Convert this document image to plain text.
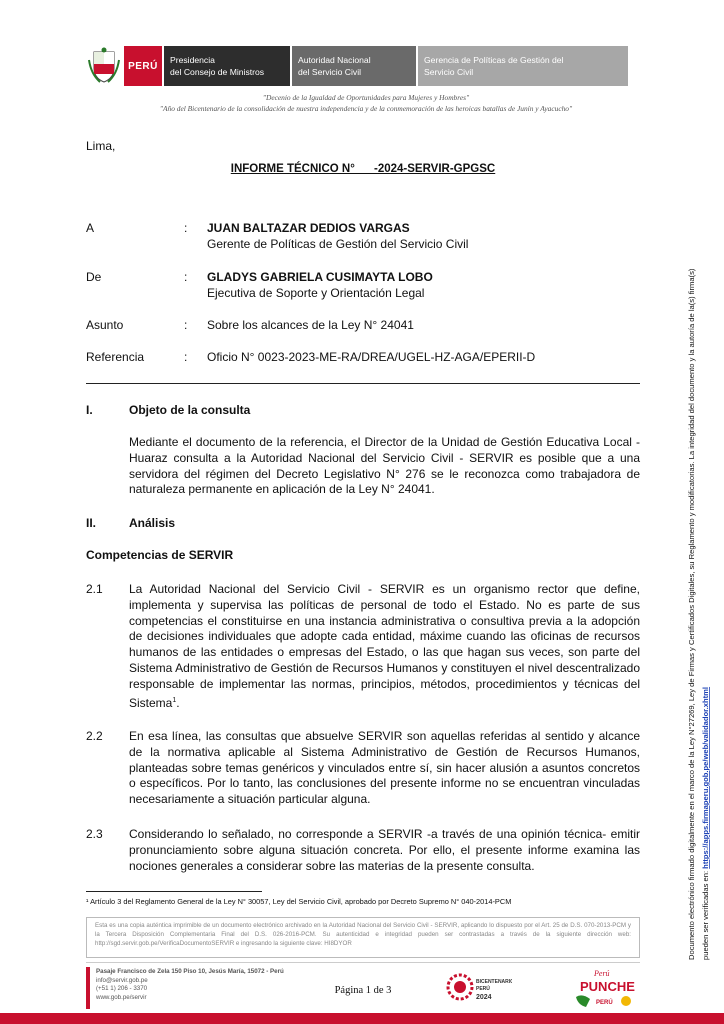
PERÚ
Presidencia
del Consejo de Ministros
Autoridad Nacional
del Servicio Civil
Gerencia de Políticas de Gestión del
Servicio Civil
"Decenio de la Igualdad de Oportunidades para Mujeres y Hombres"
"Año del Bicentenario de la consolidación de nuestra independencia y de la conmemoración de las heroicas batallas de Junín y Ayacucho"
Lima,
INFORME TÉCNICO N°      -2024-SERVIR-GPGSC
A	: JUAN BALTAZAR DEDIOS VARGAS
Gerente de Políticas de Gestión del Servicio Civil
De	: GLADYS GABRIELA CUSIMAYTA LOBO
Ejecutiva de Soporte y Orientación Legal
Asunto	: Sobre los alcances de la Ley N° 24041
Referencia	: Oficio N° 0023-2023-ME-RA/DREA/UGEL-HZ-AGA/EPERII-D
I.	Objeto de la consulta
Mediante el documento de la referencia, el Director de la Unidad de Gestión Educativa Local - Huaraz consulta a la Autoridad Nacional del Servicio Civil - SERVIR es posible que a una servidora del régimen del Decreto Legislativo N° 276 se le reconozca como trabajadora de naturaleza permanente en aplicación de la Ley N° 24041.
II.	Análisis
Competencias de SERVIR
2.1 La Autoridad Nacional del Servicio Civil - SERVIR es un organismo rector que define, implementa y supervisa las políticas de personal de todo el Estado. No es parte de sus competencias el constituirse en una instancia administrativa o consultiva previa a la adopción de decisiones individuales que adopte cada entidad, máxime cuando las oficinas de recursos humanos de las entidades o empresas del Estado, o las que hagan sus veces, son parte del Sistema Administrativo de Gestión de Recursos Humanos y constituyen el nivel descentralizado responsable de implementar las normas, principios, métodos, procedimientos y técnicas del Sistema$^1$.
2.2 En esa línea, las consultas que absuelve SERVIR son aquellas referidas al sentido y alcance de la normativa aplicable al Sistema Administrativo de Gestión de Recursos Humanos, planteadas sobre temas genéricos y vinculados entre sí, sin hacer alusión a asuntos concretos o específicos. Por lo tanto, las conclusiones del presente informe no se encuentran vinculadas necesariamente a situación particular alguna.
2.3 Considerando lo señalado, no corresponde a SERVIR -a través de una opinión técnica- emitir pronunciamiento sobre alguna situación concreta. Por ello, el presente informe examina las nociones generales a considerar sobre las materias de la presente consulta.
¹ Artículo 3 del Reglamento General de la Ley N° 30057, Ley del Servicio Civil, aprobado por Decreto Supremo N° 040-2014-PCM
Esta es una copia auténtica imprimible de un documento electrónico archivado en la Autoridad Nacional del Servicio Civil - SERVIR, aplicando lo dispuesto por el Art. 25 de D.S. 070-2013-PCM y la Tercera Disposición Complementaria Final del D.S. 026-2016-PCM. Su autenticidad e integridad pueden ser contrastadas a través de la siguiente dirección web: http://sgd.servir.gob.pe/VerificaDocumentoSERVIR e ingresando la siguiente clave: HI8DYOR
Pasaje Francisco de Zela 150 Piso 10, Jesús María, 15072 - Perú
info@servir.gob.pe
(+51 1) 206 - 3370
www.gob.pe/servir
Página 1 de 3
BICENTENARIO
PERÚ
2024
Perú
PUNCHE
PERÚ
Documento electrónico firmado digitalmente en el marco de la Ley N°27269, Ley de Firmas y Certificados Digitales, su Reglamento y modificatorias. La integridad del documento y la autoría de la(s) firma(s) pueden ser verificadas en: https://apps.firmaperu.gob.pe/web/validador.xhtml
